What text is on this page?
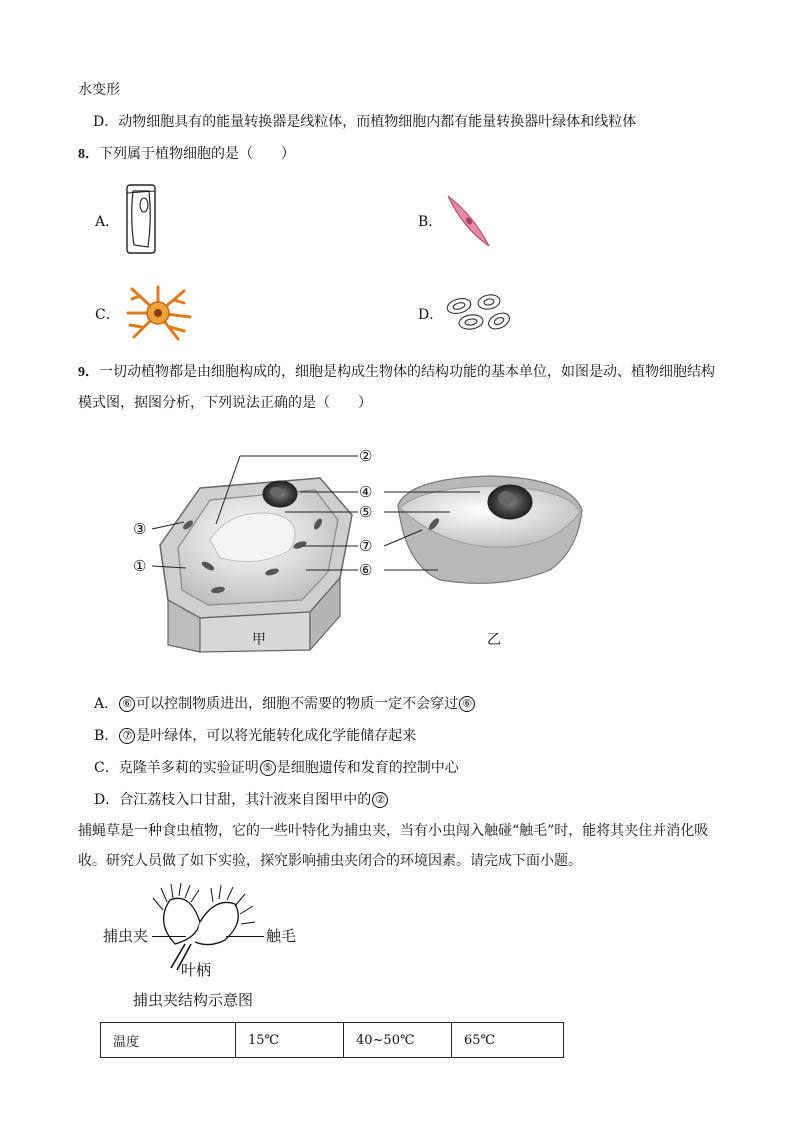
水变形
D．动物细胞具有的能量转换器是线粒体，而植物细胞内都有能量转换器叶绿体和线粒体
8．下列属于植物细胞的是（　　）
A．	B．
C．	D．
9．一切动植物都是由细胞构成的，细胞是构成生物体的结构功能的基本单位，如图是动、植物细胞结构
模式图，据图分析，下列说法正确的是（　　）
②
④
⑤
③
⑦
①	⑥
甲	乙
A． ⑥ 可以控制物质进出，细胞不需要的物质一定不会穿过 ⑥
B． ⑦ 是叶绿体，可以将光能转化成化学能储存起来
C．克隆羊多莉的实验证明 ⑤ 是细胞遗传和发育的控制中心
D．合江荔枝入口甘甜，其汁液来自图甲中的 ②
捕蝇草是一种食虫植物，它的一些叶特化为捕虫夹，当有小虫闯入触碰“触毛”时，能将其夹住并消化吸
收。研究人员做了如下实验，探究影响捕虫夹闭合的环境因素。请完成下面小题。
捕虫夹	触毛
叶柄
捕虫夹结构示意图
温度	15℃	40~50℃	65℃
